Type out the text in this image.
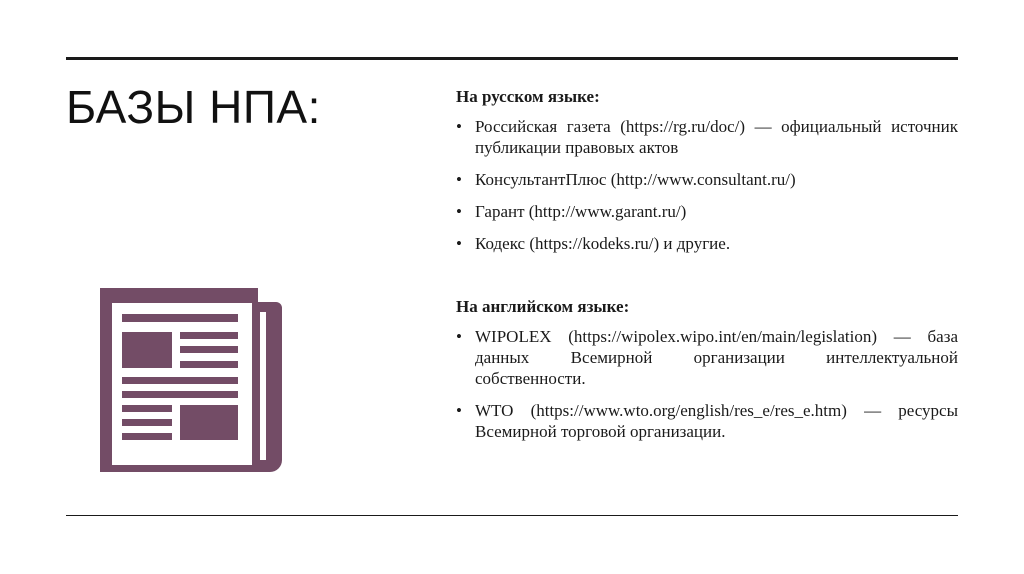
БАЗЫ НПА:	На русском языке:

• Российская газета (https://rg.ru/doc/) — официальный источник публикации правовых актов
• КонсультантПлюс (http://www.consultant.ru/)
• Гарант (http://www.garant.ru/)
• Кодекс (https://kodeks.ru/) и другие.

На английском языке:

• WIPOLEX (https://wipolex.wipo.int/en/main/legislation) — база данных Всемирной организации интеллектуальной собственности.
• WTO (https://www.wto.org/english/res_e/res_e.htm) — ресурсы Всемирной торговой организации.
